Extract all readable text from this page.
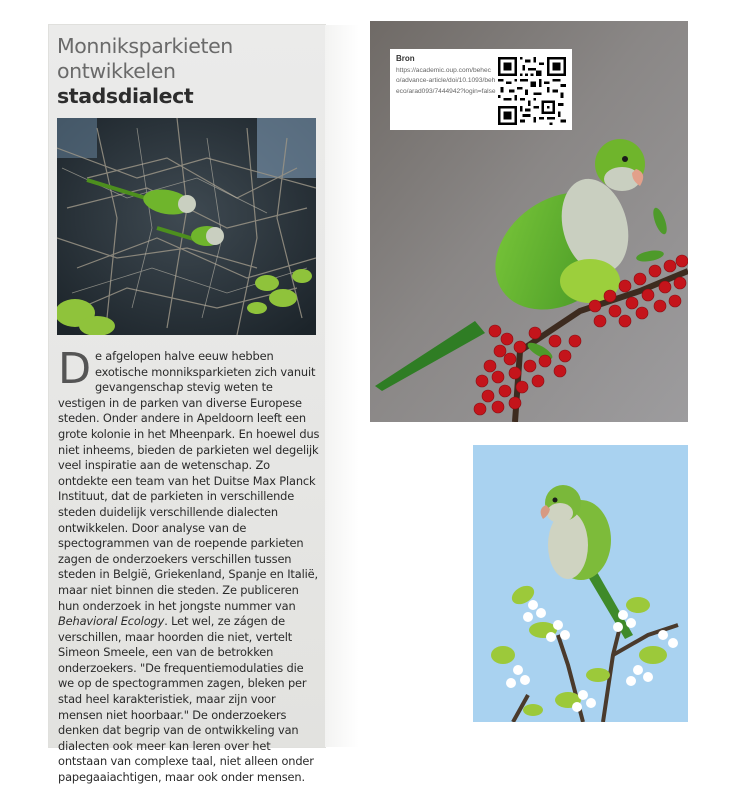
Monniksparkieten
ontwikkelen
stadsdialect
De afgelopen halve eeuw hebben exotische monniksparkieten zich vanuit gevangenschap stevig weten te vestigen in de parken van diverse Europese steden. Onder andere in Apeldoorn leeft een grote kolonie in het Mheenpark. En hoewel dus niet inheems, bieden de parkieten wel degelijk veel inspiratie aan de wetenschap. Zo ontdekte een team van het Duitse Max Planck Instituut, dat de parkieten in verschillende steden duidelijk verschillende dialecten ontwikkelen. Door analyse van de spectogrammen van de roepende parkieten zagen de onderzoekers verschillen tussen steden in België, Griekenland, Spanje en Italië, maar niet binnen die steden. Ze publiceren hun onderzoek in het jongste nummer van Behavioral Ecology. Let wel, ze zágen de verschillen, maar hoorden die niet, vertelt Simeon Smeele, een van de betrokken onderzoekers. "De frequentiemodulaties die we op de spectogrammen zagen, bleken per stad heel karakteristiek, maar zijn voor mensen niet hoorbaar." De onderzoekers denken dat begrip van de ontwikkeling van dialecten ook meer kan leren over het ontstaan van complexe taal, niet alleen onder papegaaiachtigen, maar ook onder mensen.
Bron
https://academic.oup.com/beheco/advance-article/doi/10.1093/beheco/arad093/7444942?login=false
